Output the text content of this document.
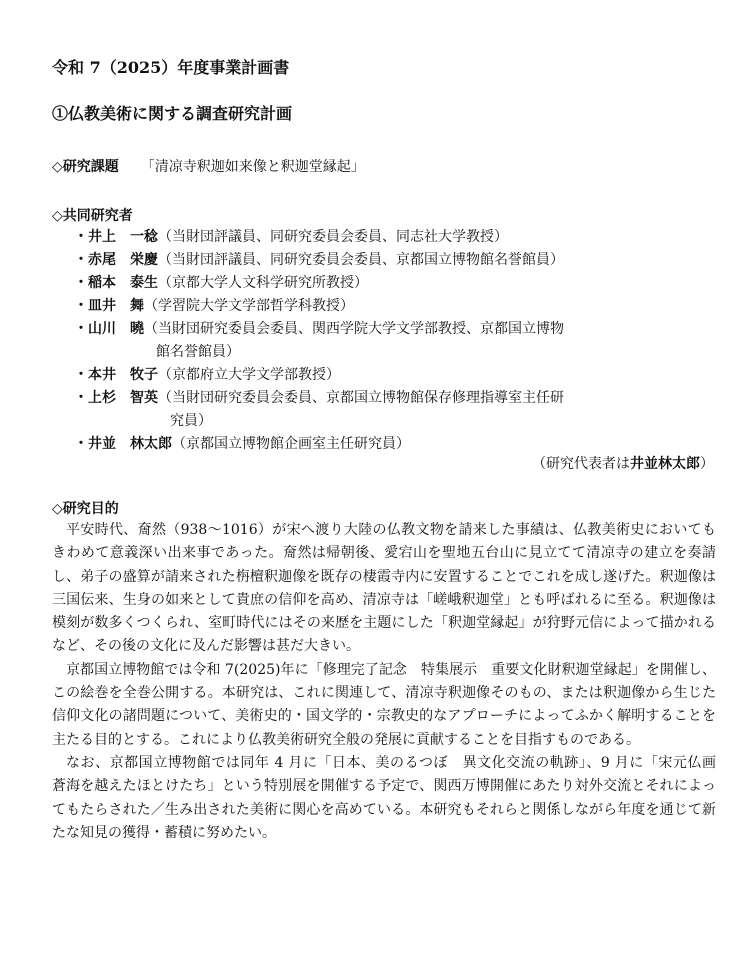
令和 7（2025）年度事業計画書
①仏教美術に関する調査研究計画
◇研究課題 「清凉寺釈迦如来像と釈迦堂縁起」
◇共同研究者
・井上　一稔 （当財団評議員、同研究委員会委員、同志社大学教授）
・赤尾　栄慶 （当財団評議員、同研究委員会委員、京都国立博物館名誉館員）
・稲本　泰生 （京都大学人文科学研究所教授）
・皿井　舞 （学習院大学文学部哲学科教授）
・山川　曉 （当財団研究委員会委員、関西学院大学文学部教授、京都国立博物
館名誉館員）
・本井　牧子 （京都府立大学文学部教授）
・上杉　智英 （当財団研究委員会委員、京都国立博物館保存修理指導室主任研
究員）
・井並　林太郎 （京都国立博物館企画室主任研究員）
（研究代表者は井並林太郎）
◇研究目的

平安時代、奝然（938～1016）が宋へ渡り大陸の仏教文物を請来した事績は、仏教美術史においてもきわめて意義深い出来事であった。奝然は帰朝後、愛宕山を聖地五台山に見立てて清凉寺の建立を奏請し、弟子の盛算が請来された栴檀釈迦像を既存の棲霞寺内に安置することでこれを成し遂げた。釈迦像は三国伝来、生身の如来として貴庶の信仰を高め、清凉寺は「嵯峨釈迦堂」とも呼ばれるに至る。釈迦像は模刻が数多くつくられ、室町時代にはその来歴を主題にした「釈迦堂縁起」が狩野元信によって描かれるなど、その後の文化に及んだ影響は甚だ大きい。

京都国立博物館では令和 7(2025)年に「修理完了記念　特集展示　重要文化財釈迦堂縁起」を開催し、この絵巻を全巻公開する。本研究は、これに関連して、清凉寺釈迦像そのもの、または釈迦像から生じた信仰文化の諸問題について、美術史的・国文学的・宗教史的なアプローチによってふかく解明することを主たる目的とする。これにより仏教美術研究全般の発展に貢献することを目指すものである。

なお、京都国立博物館では同年 4 月に「日本、美のるつぼ　異文化交流の軌跡」、9 月に「宋元仏画　蒼海を越えたほとけたち」という特別展を開催する予定で、関西万博開催にあたり対外交流とそれによってもたらされた／生み出された美術に関心を高めている。本研究もそれらと関係しながら年度を通じて新たな知見の獲得・蓄積に努めたい。
